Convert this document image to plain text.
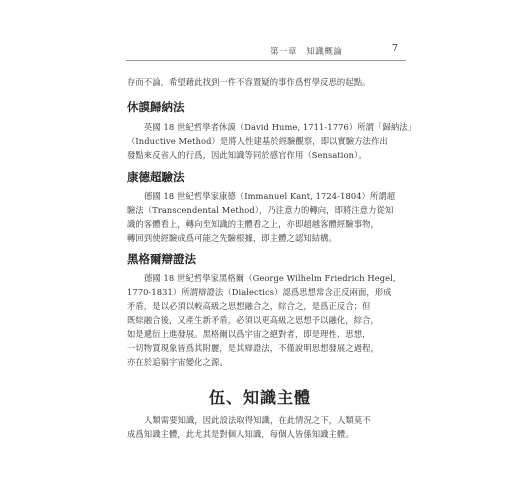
第一章 知識概論	7

存而不論，希望藉此找到一件不容置疑的事作爲哲學反思的起點。

休謨歸納法

英國 18 世紀哲學者休謨（David Hume, 1711-1776）所謂「歸納法」
（Inductive Method）是將人性建基於經驗觀察，即以實驗方法作出
發點來反省人的行爲，因此知識等同於感官作用（Sensation）。

康德超驗法

德國 18 世紀哲學家康德（Immanuel Kant, 1724-1804）所謂超
驗法（Transcendental Method），乃注意力的轉向，即將注意力從知
識的客體看上，轉向至知識的主體看之上，亦即超越客體經驗事物，
轉回到使經驗成爲可能之先驗根據，即主體之認知結構。

黑格爾辯證法

德國 18 世紀哲學家黑格爾（George Wilhelm Friedrich Hegel,
1770-1831）所謂辯證法（Dialectics）認爲思想常含正反兩面，形成
矛盾，是以必須以較高級之思想融合之，綜合之，是爲正反合；但
既綜融合後，又產生新矛盾，必須以更高級之思想予以融化，綜合，
如是遞衍上進發展。黑格爾以爲宇宙之絕對者，即是理性、思想，
一切物質現象皆爲其附麗，是其辯證法，不僅說明思想發展之過程，
亦在於追窮宇宙變化之源。

伍、知識主體

人類需要知識，因此設法取得知識，在此情況之下，人類莫不
成爲知識主體，此尤其是對個人知識，每個人皆係知識主體。
